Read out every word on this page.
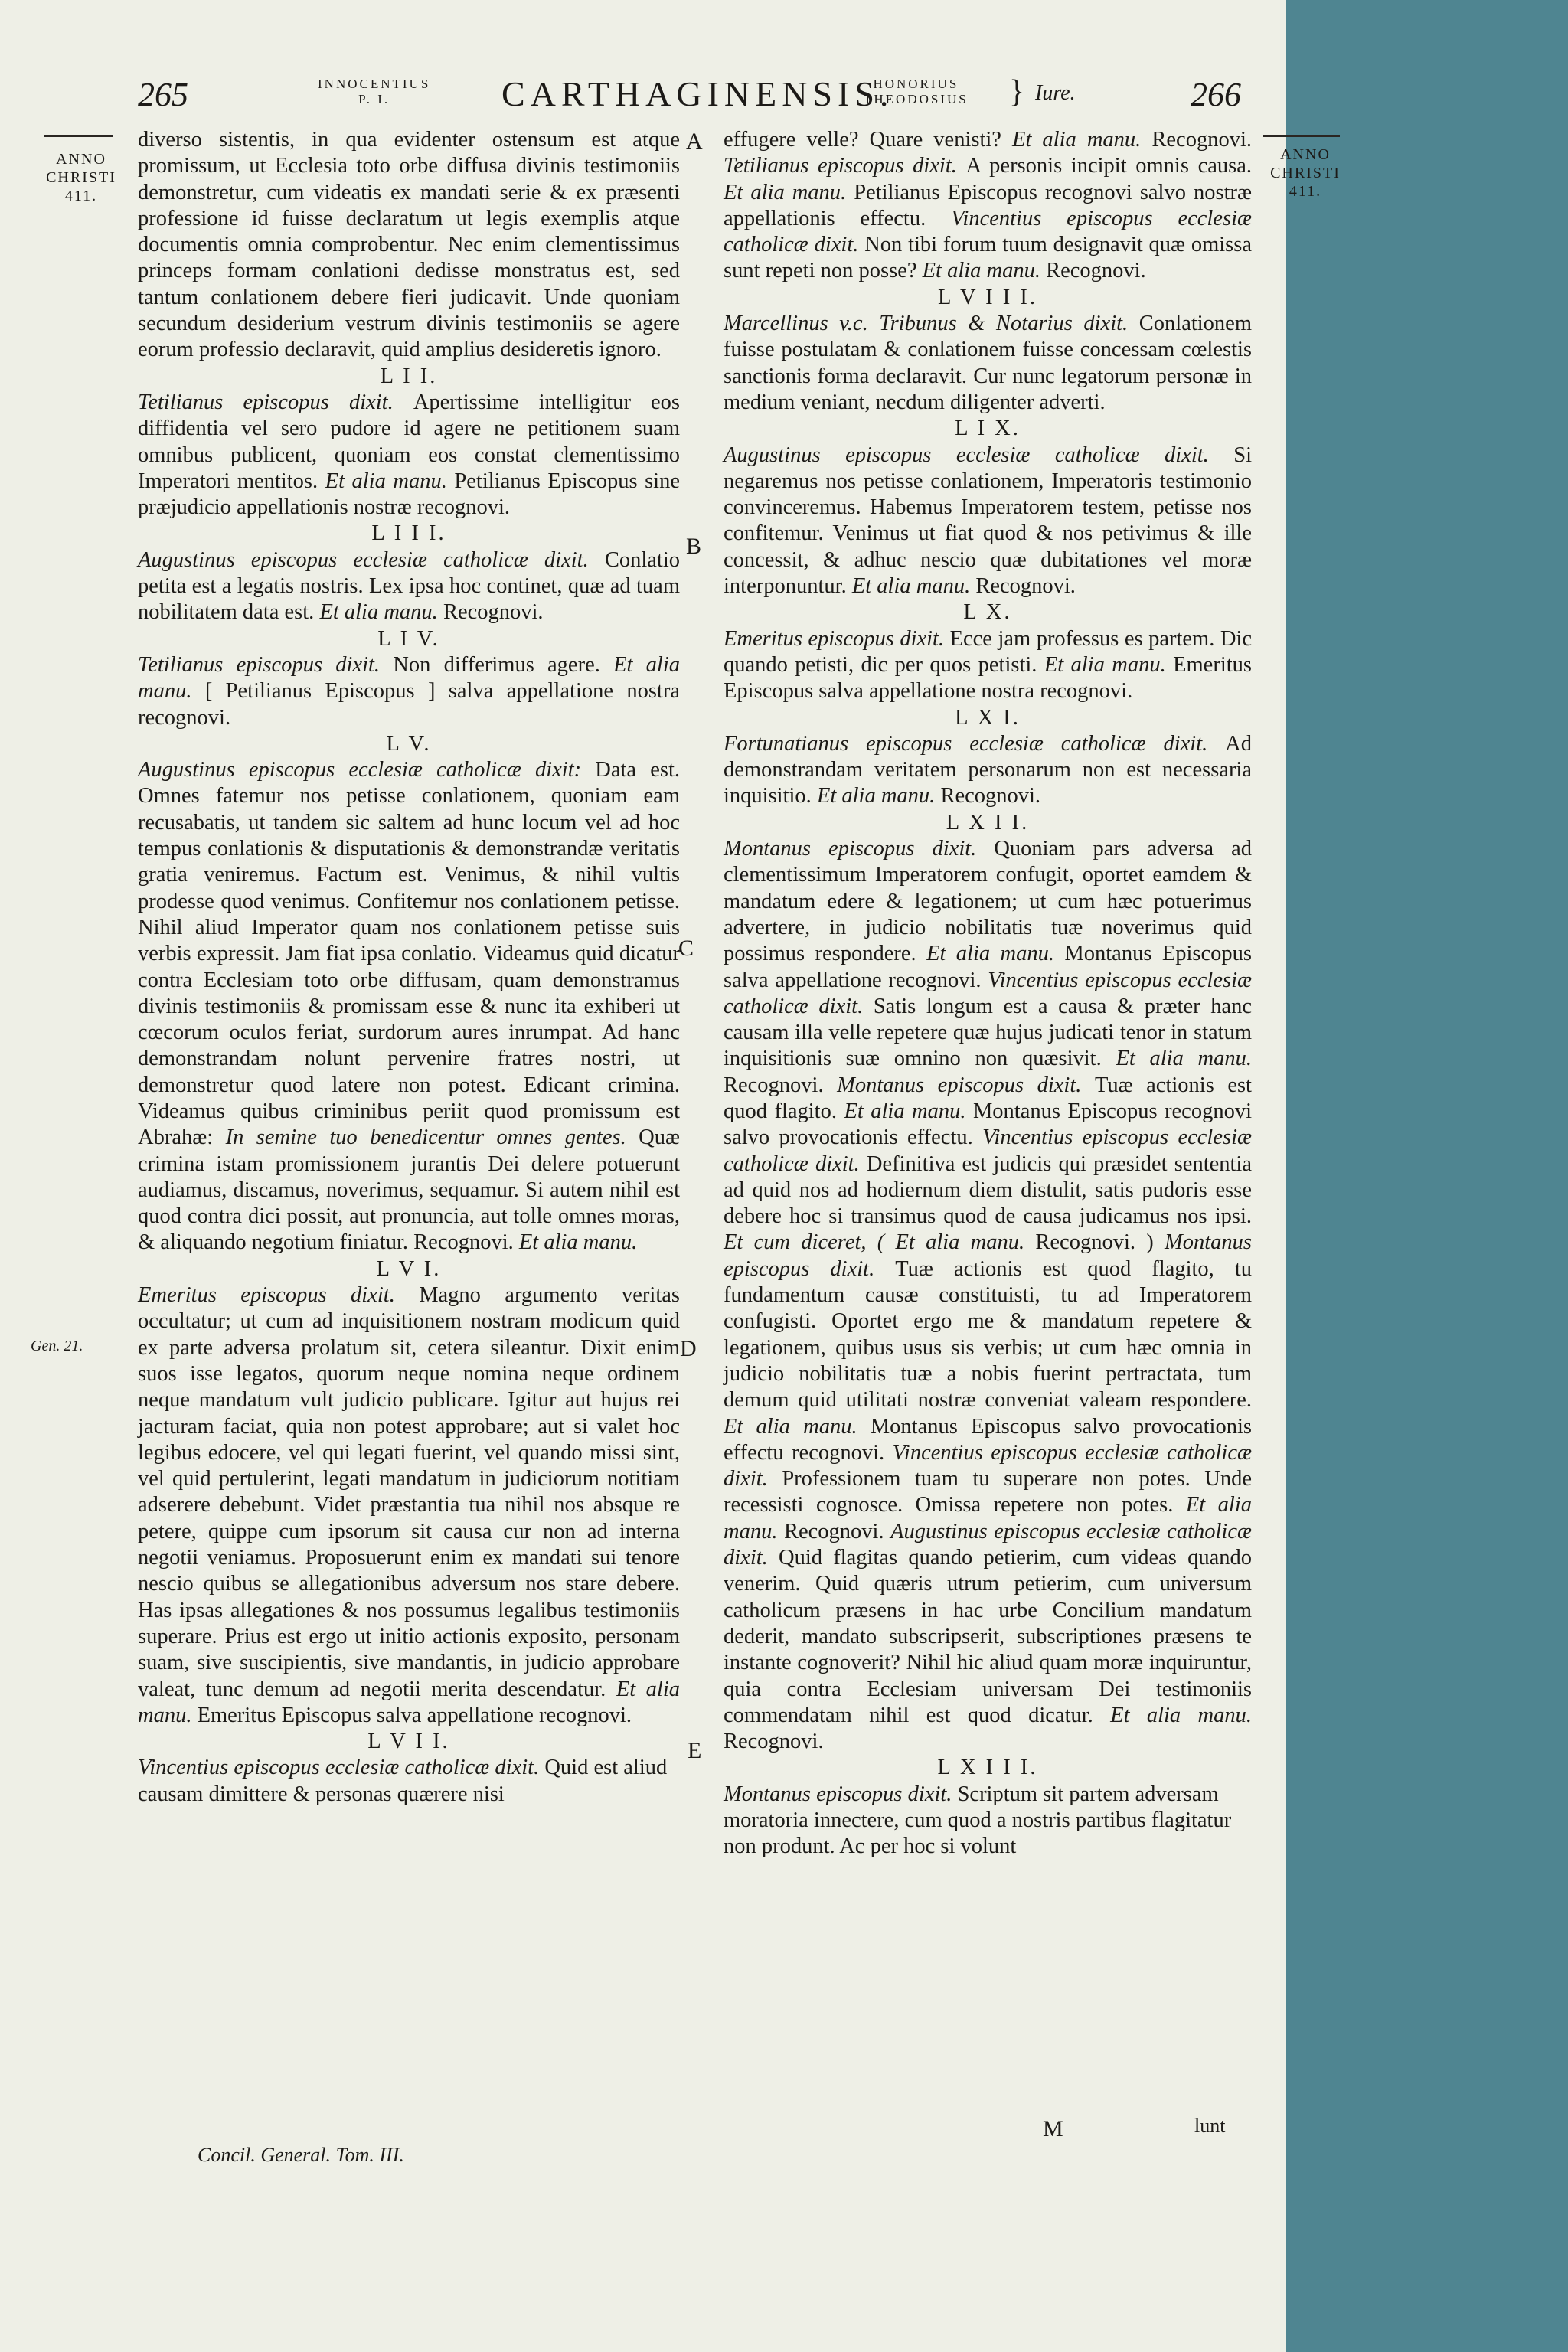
265	INNOCENTIUS
P. I.	CARTHAGINENSIS.
HONORIUS
THEODOSIUS } Iure.	266
ANNO
CHRISTI
411.
ANNO
CHRISTI
411.
Gen. 21.
A
B
C
D
E

diverso sistentis, in qua evidenter ostensum est atque promissum, ut Ecclesia toto orbe diffusa divinis testimoniis demonstretur, cum videatis ex mandati serie & ex præsenti professione id fuisse declaratum ut legis exemplis atque documentis omnia comprobentur. Nec enim clementissimus princeps formam conlationi dedisse monstratus est, sed tantum conlationem debere fieri judicavit. Unde quoniam secundum desiderium vestrum divinis testimoniis se agere eorum professio declaravit, quid amplius desideretis ignoro.

L I I.

Tetilianus episcopus dixit. Apertissime intelligitur eos diffidentia vel sero pudore id agere ne petitionem suam omnibus publicent, quoniam eos constat clementissimo Imperatori mentitos. Et alia manu. Petilianus Episcopus sine præjudicio appellationis nostræ recognovi.

L I I I.

Augustinus episcopus ecclesiæ catholicæ dixit. Conlatio petita est a legatis nostris. Lex ipsa hoc continet, quæ ad tuam nobilitatem data est. Et alia manu. Recognovi.

L I V.

Tetilianus episcopus dixit. Non differimus agere. Et alia manu. [ Petilianus Episcopus ] salva appellatione nostra recognovi.

L V.

Augustinus episcopus ecclesiæ catholicæ dixit: Data est. Omnes fatemur nos petisse conlationem, quoniam eam recusabatis, ut tandem sic saltem ad hunc locum vel ad hoc tempus conlationis & disputationis & demonstrandæ veritatis gratia veniremus. Factum est. Venimus, & nihil vultis prodesse quod venimus. Confitemur nos conlationem petisse. Nihil aliud Imperator quam nos conlationem petisse suis verbis expressit. Jam fiat ipsa conlatio. Videamus quid dicatur contra Ecclesiam toto orbe diffusam, quam demonstramus divinis testimoniis & promissam esse & nunc ita exhiberi ut cœcorum oculos feriat, surdorum aures inrumpat. Ad hanc demonstrandam nolunt pervenire fratres nostri, ut demonstretur quod latere non potest. Edicant crimina. Videamus quibus criminibus periit quod promissum est Abrahæ: In semine tuo benedicentur omnes gentes. Quæ crimina istam promissionem jurantis Dei delere potuerunt audiamus, discamus, noverimus, sequamur. Si autem nihil est quod contra dici possit, aut pronuncia, aut tolle omnes moras, & aliquando negotium finiatur. Recognovi. Et alia manu.

L V I.

Emeritus episcopus dixit. Magno argumento veritas occultatur; ut cum ad inquisitionem nostram modicum quid ex parte adversa prolatum sit, cetera sileantur. Dixit enim suos isse legatos, quorum neque nomina neque ordinem neque mandatum vult judicio publicare. Igitur aut hujus rei jacturam faciat, quia non potest approbare; aut si valet hoc legibus edocere, vel qui legati fuerint, vel quando missi sint, vel quid pertulerint, legati mandatum in judiciorum notitiam adserere debebunt. Videt præstantia tua nihil nos absque re petere, quippe cum ipsorum sit causa cur non ad interna negotii veniamus. Proposuerunt enim ex mandati sui tenore nescio quibus se allegationibus adversum nos stare debere. Has ipsas allegationes & nos possumus legalibus testimoniis superare. Prius est ergo ut initio actionis exposito, personam suam, sive suscipientis, sive mandantis, in judicio approbare valeat, tunc demum ad negotii merita descendatur. Et alia manu. Emeritus Episcopus salva appellatione recognovi.

L V I I.

Vincentius episcopus ecclesiæ catholicæ dixit. Quid est aliud causam dimittere & personas quærere nisi

effugere velle? Quare venisti? Et alia manu. Recognovi. Tetilianus episcopus dixit. A personis incipit omnis causa. Et alia manu. Petilianus Episcopus recognovi salvo nostræ appellationis effectu. Vincentius episcopus ecclesiæ catholicæ dixit. Non tibi forum tuum designavit quæ omissa sunt repeti non posse? Et alia manu. Recognovi.

L V I I I.

Marcellinus v.c. Tribunus & Notarius dixit. Conlationem fuisse postulatam & conlationem fuisse concessam cœlestis sanctionis forma declaravit. Cur nunc legatorum personæ in medium veniant, necdum diligenter adverti.

L I X.

Augustinus episcopus ecclesiæ catholicæ dixit. Si negaremus nos petisse conlationem, Imperatoris testimonio convinceremus. Habemus Imperatorem testem, petisse nos confitemur. Venimus ut fiat quod & nos petivimus & ille concessit, & adhuc nescio quæ dubitationes vel moræ interponuntur. Et alia manu. Recognovi.

L X.

Emeritus episcopus dixit. Ecce jam professus es partem. Dic quando petisti, dic per quos petisti. Et alia manu. Emeritus Episcopus salva appellatione nostra recognovi.

L X I.

Fortunatianus episcopus ecclesiæ catholicæ dixit. Ad demonstrandam veritatem personarum non est necessaria inquisitio. Et alia manu. Recognovi.

L X I I.

Montanus episcopus dixit. Quoniam pars adversa ad clementissimum Imperatorem confugit, oportet eamdem & mandatum edere & legationem; ut cum hæc potuerimus advertere, in judicio nobilitatis tuæ noverimus quid possimus respondere. Et alia manu. Montanus Episcopus salva appellatione recognovi. Vincentius episcopus ecclesiæ catholicæ dixit. Satis longum est a causa & præter hanc causam illa velle repetere quæ hujus judicati tenor in statum inquisitionis suæ omnino non quæsivit. Et alia manu. Recognovi. Montanus episcopus dixit. Tuæ actionis est quod flagito. Et alia manu. Montanus Episcopus recognovi salvo provocationis effectu. Vincentius episcopus ecclesiæ catholicæ dixit. Definitiva est judicis qui præsidet sententia ad quid nos ad hodiernum diem distulit, satis pudoris esse debere hoc si transimus quod de causa judicamus nos ipsi. Et cum diceret, ( Et alia manu. Recognovi. ) Montanus episcopus dixit. Tuæ actionis est quod flagito, tu fundamentum causæ constituisti, tu ad Imperatorem confugisti. Oportet ergo me & mandatum repetere & legationem, quibus usus sis verbis; ut cum hæc omnia in judicio nobilitatis tuæ a nobis fuerint pertractata, tum demum quid utilitati nostræ conveniat valeam respondere. Et alia manu. Montanus Episcopus salvo provocationis effectu recognovi. Vincentius episcopus ecclesiæ catholicæ dixit. Professionem tuam tu superare non potes. Unde recessisti cognosce. Omissa repetere non potes. Et alia manu. Recognovi. Augustinus episcopus ecclesiæ catholicæ dixit. Quid flagitas quando petierim, cum videas quando venerim. Quid quæris utrum petierim, cum universum catholicum præsens in hac urbe Concilium mandatum dederit, mandato subscripserit, subscriptiones præsens te instante cognoverit? Nihil hic aliud quam moræ inquiruntur, quia contra Ecclesiam universam Dei testimoniis commendatam nihil est quod dicatur. Et alia manu. Recognovi.

L X I I I.

Montanus episcopus dixit. Scriptum sit partem adversam moratoria innectere, cum quod a nostris partibus flagitatur non produnt. Ac per hoc si volunt

Concil. General. Tom. III.
M	lunt
